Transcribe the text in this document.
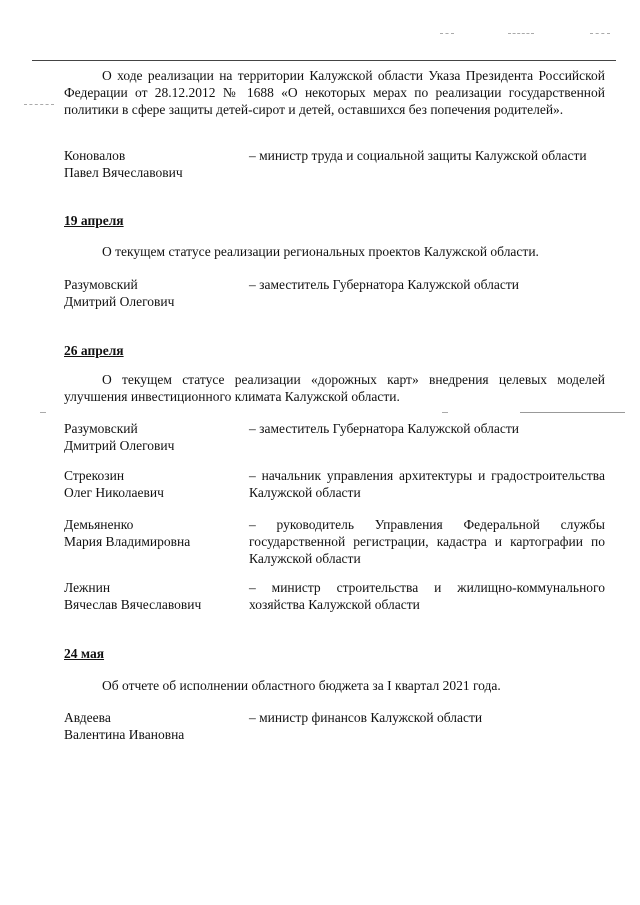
О ходе реализации на территории Калужской области Указа Президента Российской Федерации от 28.12.2012 № 1688 «О некоторых мерах по реализации государственной политики в сфере защиты детей-сирот и детей, оставшихся без попечения родителей».

Коновалов
Павел Вячеславович
– министр труда и социальной защиты Калужской области
19 апреля

О текущем статусе реализации региональных проектов Калужской области.

Разумовский
Дмитрий Олегович
– заместитель Губернатора Калужской области
26 апреля

О текущем статусе реализации «дорожных карт» внедрения целевых моделей улучшения инвестиционного климата Калужской области.

Разумовский
Дмитрий Олегович
– заместитель Губернатора Калужской области
Стрекозин
Олег Николаевич
– начальник управления архитектуры и градостроительства Калужской области
Демьяненко
Мария Владимировна
– руководитель Управления Федеральной службы государственной регистрации, кадастра и картографии по Калужской области
Лежнин
Вячеслав Вячеславович
– министр строительства и жилищно-коммунального хозяйства Калужской области
24 мая

Об отчете об исполнении областного бюджета за I квартал 2021 года.

Авдеева
Валентина Ивановна
– министр финансов Калужской области
